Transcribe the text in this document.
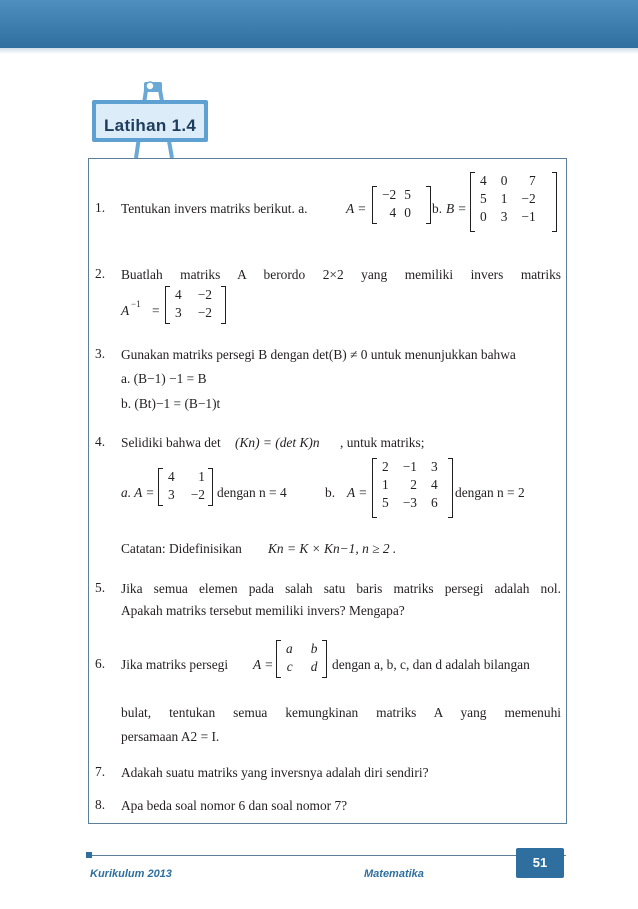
Latihan 1.4
1. Tentukan invers matriks berikut. a.	A =
−2	5
4	0 b. B =
4	0	7
5	1	−2
0	3	−1
2. Buatlah matriks A berordo 2×2 yang memiliki invers matriks
A −1 =
4	−2
3	−2
3. Gunakan matriks persegi B dengan det(B) ≠ 0 untuk menunjukkan bahwa
a. (B−1) −1 = B
b. (Bt)−1 = (B−1)t
4. Selidiki bahwa det (Kn) = (det K)n , untuk matriks;
a. A =
4	1
3	−2 dengan n = 4	b. A =
2	−1	3
1	2	4
5	−3	6
dengan n = 2
Catatan: Didefinisikan Kn = K × Kn−1, n ≥ 2 .
5. Jika semua elemen pada salah satu baris matriks persegi adalah nol.
Apakah matriks tersebut memiliki invers? Mengapa?
6. Jika matriks persegi A =
a	b
c	d dengan a, b, c, dan d adalah bilangan
bulat, tentukan semua kemungkinan matriks A yang memenuhi
persamaan A2 = I.
7. Adakah suatu matriks yang inversnya adalah diri sendiri?
8. Apa beda soal nomor 6 dan soal nomor 7?
Kurikulum 2013	Matematika
51
